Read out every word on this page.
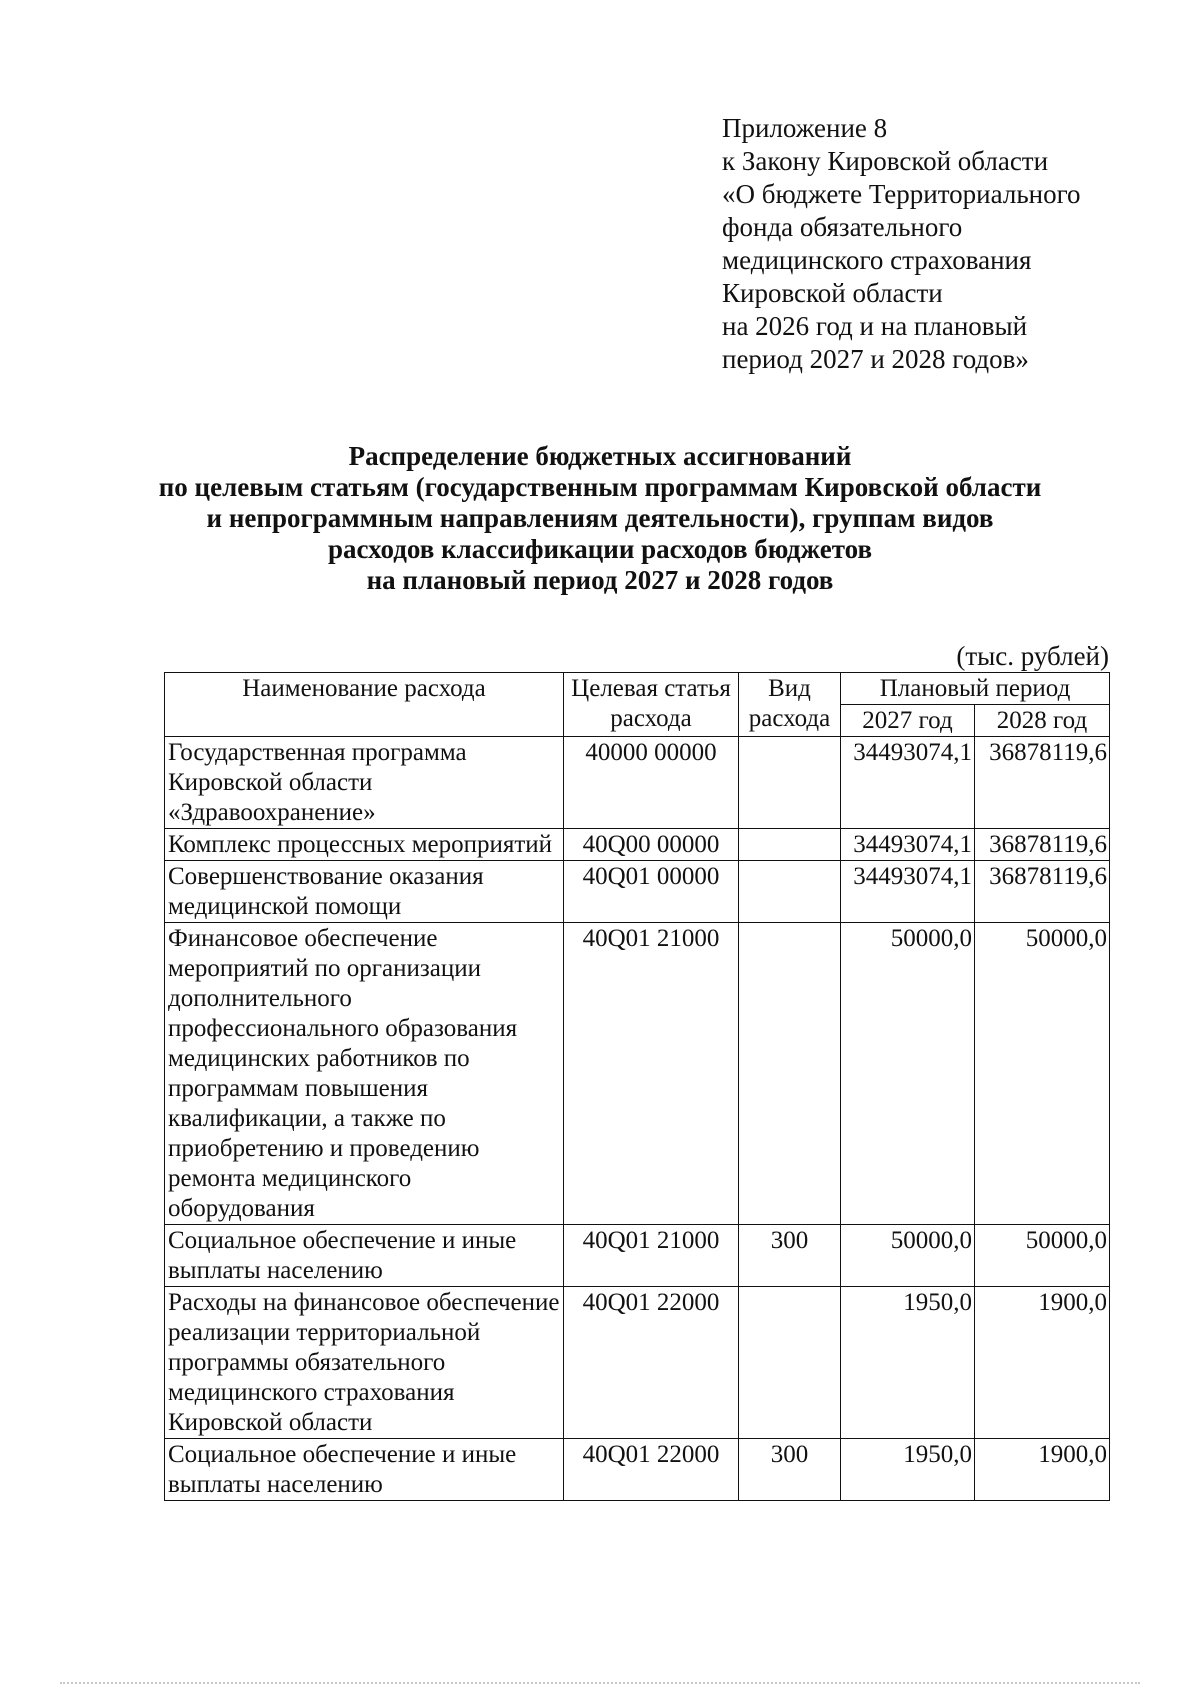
Приложение 8
к Закону Кировской области
«О бюджете Территориального
фонда обязательного
медицинского страхования
Кировской области
на 2026 год и на плановый
период 2027 и 2028 годов»
Распределение бюджетных ассигнований
по целевым статьям (государственным программам Кировской области
и непрограммным направлениям деятельности), группам видов
расходов классификации расходов бюджетов
на плановый период 2027 и 2028 годов
(тыс. рублей)
Наименование расхода	Целевая статья расхода	Вид расхода	Плановый период	
			2027 год	2028 год
Государственная программа Кировской области «Здравоохранение»	40000 00000		34493074,1	36878119,6
Комплекс процессных мероприятий	40Q00 00000		34493074,1	36878119,6
Совершенствование оказания медицинской помощи	40Q01 00000		34493074,1	36878119,6
Финансовое обеспечение мероприятий по организации дополнительного профессионального образования медицинских работников по программам повышения квалификации, а также по приобретению и проведению ремонта медицинского оборудования	40Q01 21000		50000,0	50000,0
Социальное обеспечение и иные выплаты населению	40Q01 21000	300	50000,0	50000,0
Расходы на финансовое обеспечение реализации территориальной программы обязательного медицинского страхования Кировской области	40Q01 22000		1950,0	1900,0
Социальное обеспечение и иные выплаты населению	40Q01 22000	300	1950,0	1900,0
